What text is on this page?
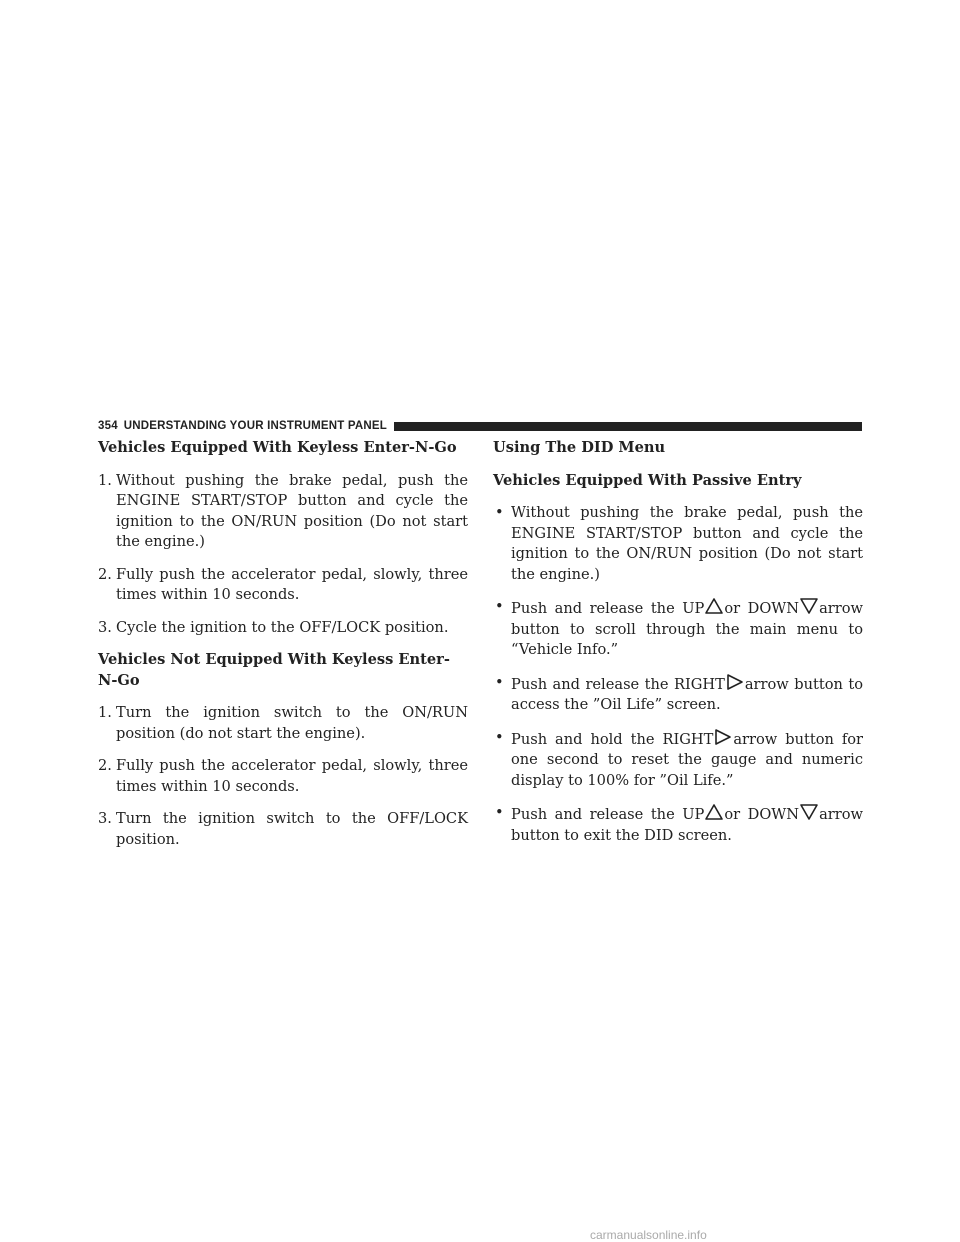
354 UNDERSTANDING YOUR INSTRUMENT PANEL
Vehicles Equipped With Keyless Enter-N-Go
1. Without pushing the brake pedal, push the ENGINE START/STOP button and cycle the ignition to the ON/RUN position (Do not start the engine.)
2. Fully push the accelerator pedal, slowly, three times within 10 seconds.
3. Cycle the ignition to the OFF/LOCK position.
Vehicles Not Equipped With Keyless Enter-N-Go
1. Turn the ignition switch to the ON/RUN position (do not start the engine).
2. Fully push the accelerator pedal, slowly, three times within 10 seconds.
3. Turn the ignition switch to the OFF/LOCK position.
Using The DID Menu
Vehicles Equipped With Passive Entry
• Without pushing the brake pedal, push the ENGINE START/STOP button and cycle the ignition to the ON/RUN position (Do not start the engine.)
• Push and release the UP or DOWN arrow button to scroll through the main menu to “Vehicle Info.”
• Push and release the RIGHT arrow button to access the ”Oil Life” screen.
• Push and hold the RIGHT arrow button for one second to reset the gauge and numeric display to 100% for ”Oil Life.”
• Push and release the UP or DOWN arrow button to exit the DID screen.
carmanualsonline.info
